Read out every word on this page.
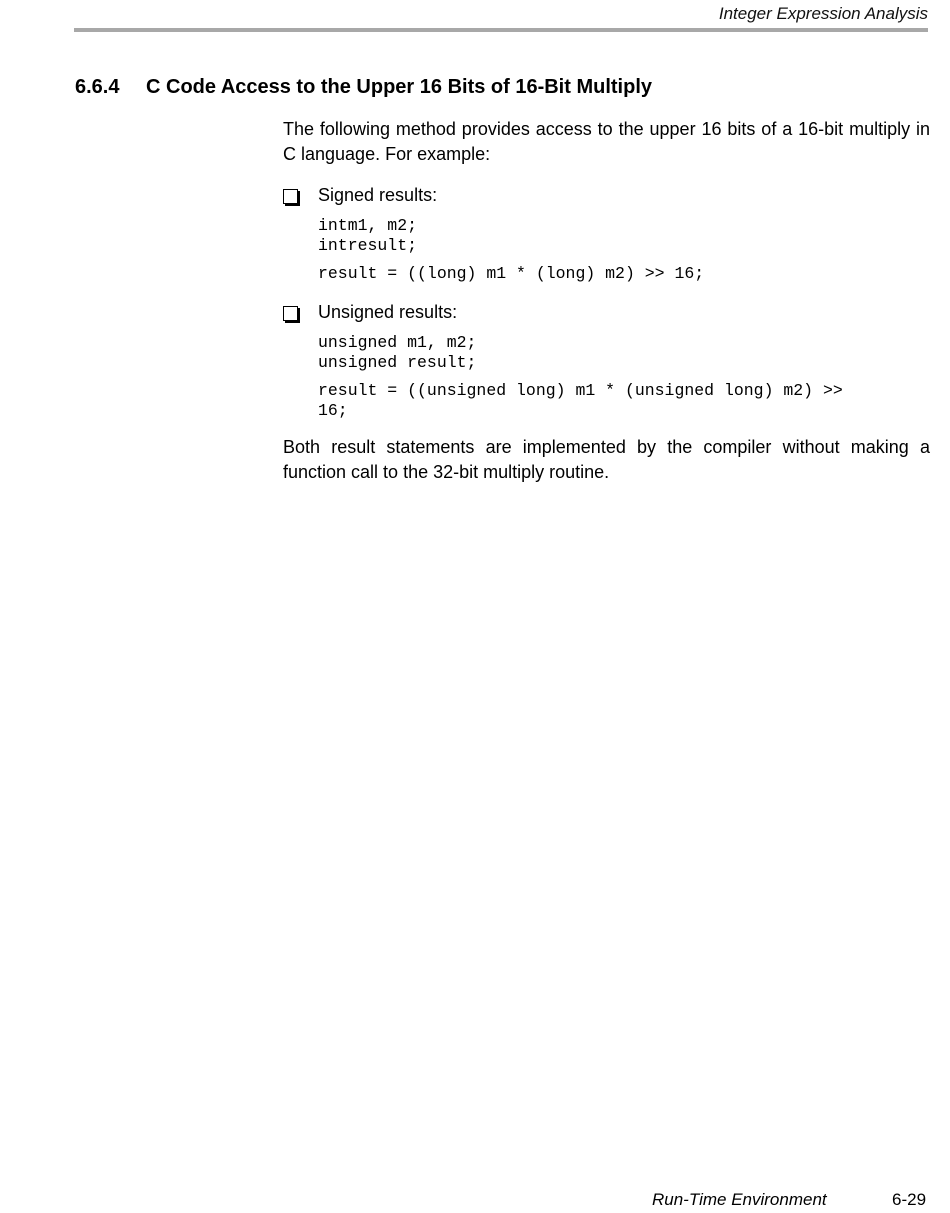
Integer Expression Analysis
6.6.4 C Code Access to the Upper 16 Bits of 16-Bit Multiply

The following method provides access to the upper 16 bits of a 16-bit multiply in C language. For example:

Signed results:
intm1, m2;
intresult;
result = ((long) m1 * (long) m2) >> 16;
Unsigned results:
unsigned m1, m2;
unsigned result;
result = ((unsigned long) m1 * (unsigned long) m2) >>
16;

Both result statements are implemented by the compiler without making a function call to the 32-bit multiply routine.

Run-Time Environment	6-29
